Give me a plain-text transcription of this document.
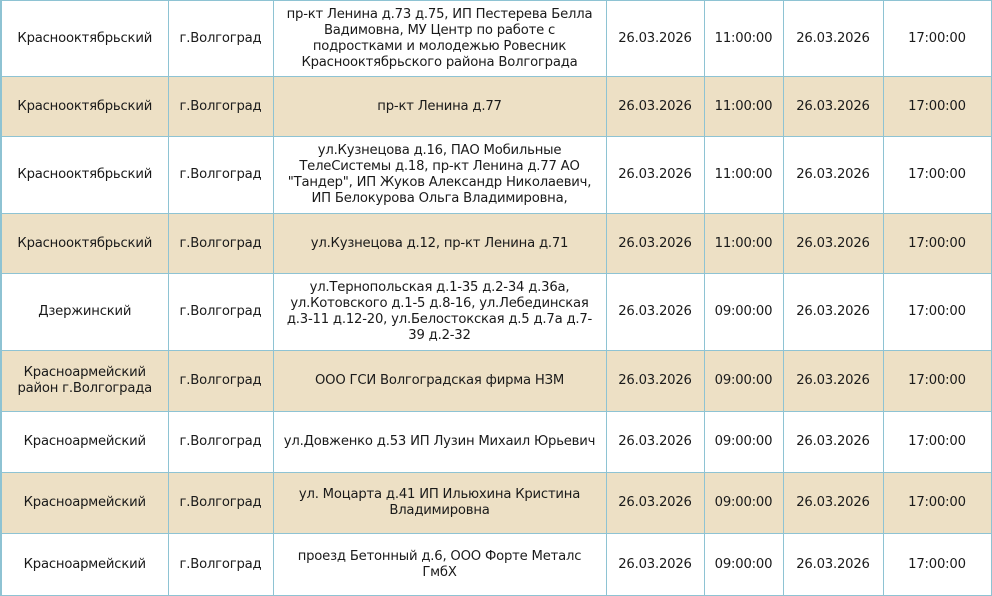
Краснооктябрьский	г.Волгоград	пр-кт Ленина д.73 д.75, ИП Пестерева Белла Вадимовна, МУ Центр по работе с подростками и молодежью Ровесник Краснооктябрьского района Волгограда	26.03.2026	11:00:00	26.03.2026	17:00:00
Краснооктябрьский	г.Волгоград	пр-кт Ленина д.77	26.03.2026	11:00:00	26.03.2026	17:00:00
Краснооктябрьский	г.Волгоград	ул.Кузнецова д.16, ПАО Мобильные ТелеСистемы д.18, пр-кт Ленина д.77 АО "Тандер", ИП Жуков Александр Николаевич, ИП Белокурова Ольга Владимировна,	26.03.2026	11:00:00	26.03.2026	17:00:00
Краснооктябрьский	г.Волгоград	ул.Кузнецова д.12, пр-кт Ленина д.71	26.03.2026	11:00:00	26.03.2026	17:00:00
Дзержинский	г.Волгоград	ул.Тернопольская д.1-35 д.2-34 д.36а, ул.Котовского д.1-5 д.8-16, ул.Лебединская д.3-11 д.12-20, ул.Белостокская д.5 д.7а д.7-39 д.2-32	26.03.2026	09:00:00	26.03.2026	17:00:00
Красноармейский район г.Волгограда	г.Волгоград	ООО ГСИ Волгоградская фирма НЗМ	26.03.2026	09:00:00	26.03.2026	17:00:00
Красноармейский	г.Волгоград	ул.Довженко д.53 ИП Лузин Михаил Юрьевич	26.03.2026	09:00:00	26.03.2026	17:00:00
Красноармейский	г.Волгоград	ул. Моцарта д.41 ИП Ильюхина Кристина Владимировна	26.03.2026	09:00:00	26.03.2026	17:00:00
Красноармейский	г.Волгоград	проезд Бетонный д.6, ООО Форте Металс ГмбХ	26.03.2026	09:00:00	26.03.2026	17:00:00
